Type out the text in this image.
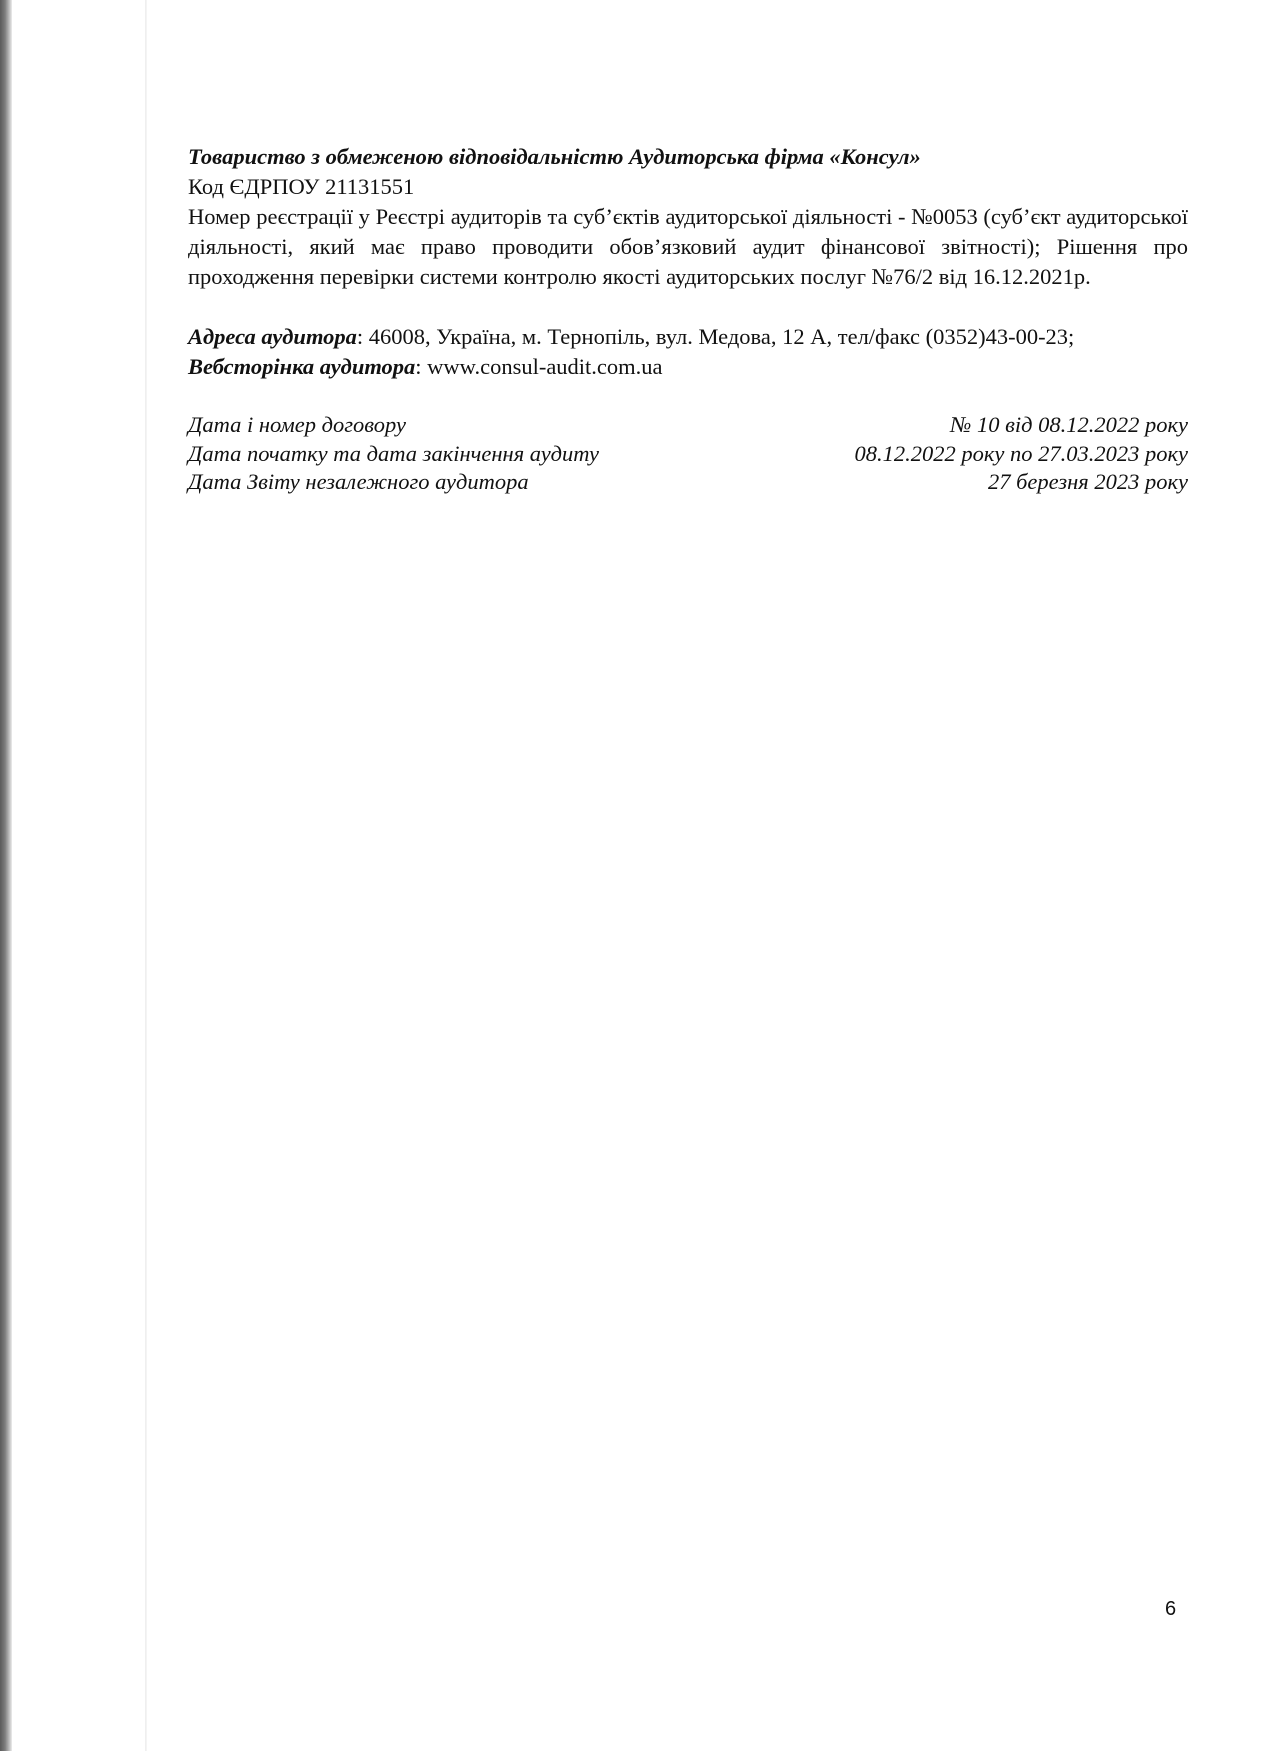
Товариство з обмеженою відповідальністю Аудиторська фірма «Консул»
Код ЄДРПОУ 21131551
Номер реєстрації у Реєстрі аудиторів та суб’єктів аудиторської діяльності - №0053 (суб’єкт аудиторської діяльності, який має право проводити обов’язковий аудит фінансової звітності); Рішення про проходження перевірки системи контролю якості аудиторських послуг №76/2 від 16.12.2021р.
Адреса аудитора: 46008, Україна, м. Тернопіль, вул. Медова, 12 А, тел/факс (0352)43-00-23;
Вебсторінка аудитора: www.consul-audit.com.ua
Дата і номер договору	№ 10 від 08.12.2022 року
Дата початку та дата закінчення аудиту	08.12.2022 року по 27.03.2023 року
Дата Звіту незалежного аудитора	27 березня 2023 року
6
